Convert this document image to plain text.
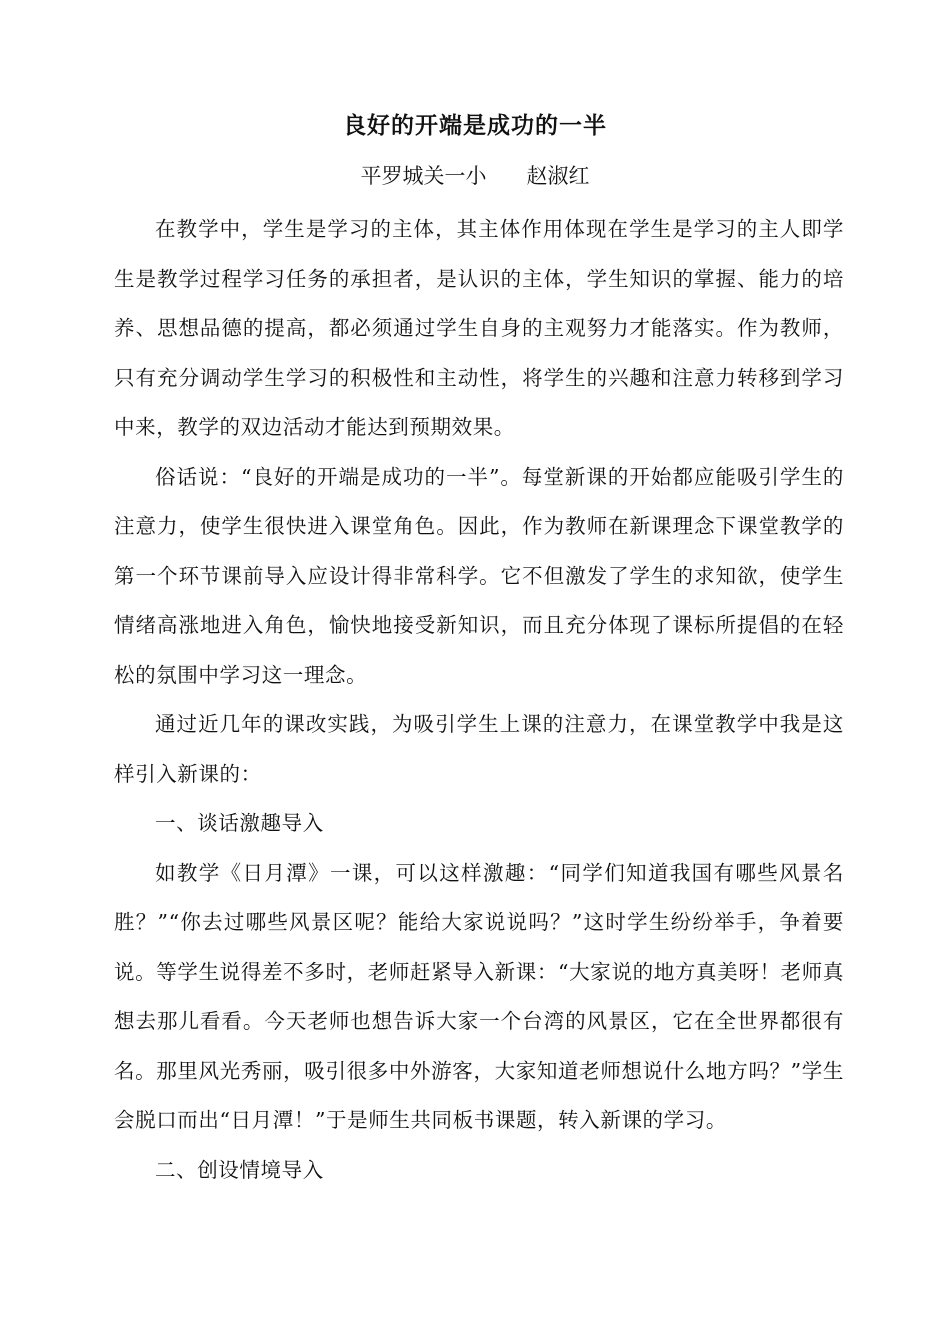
良好的开端是成功的一半
平罗城关一小 赵淑红

在教学中，学生是学习的主体，其主体作用体现在学生是学习的主人即学生是教学过程学习任务的承担者，是认识的主体，学生知识的掌握、能力的培养、思想品德的提高，都必须通过学生自身的主观努力才能落实。作为教师，只有充分调动学生学习的积极性和主动性，将学生的兴趣和注意力转移到学习中来，教学的双边活动才能达到预期效果。

俗话说：“良好的开端是成功的一半”。每堂新课的开始都应能吸引学生的注意力，使学生很快进入课堂角色。因此，作为教师在新课理念下课堂教学的第一个环节课前导入应设计得非常科学。它不但激发了学生的求知欲，使学生情绪高涨地进入角色，愉快地接受新知识，而且充分体现了课标所提倡的在轻松的氛围中学习这一理念。

通过近几年的课改实践，为吸引学生上课的注意力，在课堂教学中我是这样引入新课的：

一、谈话激趣导入

如教学《日月潭》一课，可以这样激趣：“同学们知道我国有哪些风景名胜？”“你去过哪些风景区呢？能给大家说说吗？”这时学生纷纷举手，争着要说。等学生说得差不多时，老师赶紧导入新课：“大家说的地方真美呀！老师真想去那儿看看。今天老师也想告诉大家一个台湾的风景区，它在全世界都很有名。那里风光秀丽，吸引很多中外游客，大家知道老师想说什么地方吗？”学生会脱口而出“日月潭！”于是师生共同板书课题，转入新课的学习。

二、创设情境导入
